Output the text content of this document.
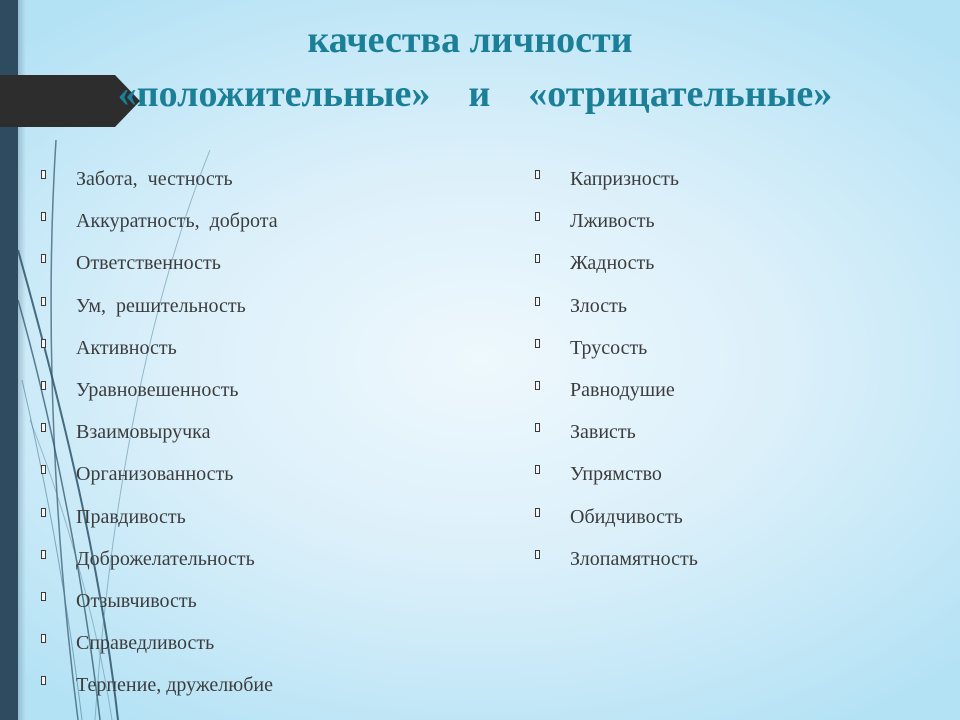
качества личности
«положительные»    и    «отрицательные»
Забота,  честность
Аккуратность,  доброта
Ответственность
Ум,  решительность
Активность
Уравновешенность
Взаимовыручка
Организованность
Правдивость
Доброжелательность
Отзывчивость
Справедливость
Терпение, дружелюбие
Капризность
Лживость
Жадность
Злость
Трусость
Равнодушие
Зависть
Упрямство
Обидчивость
Злопамятность
